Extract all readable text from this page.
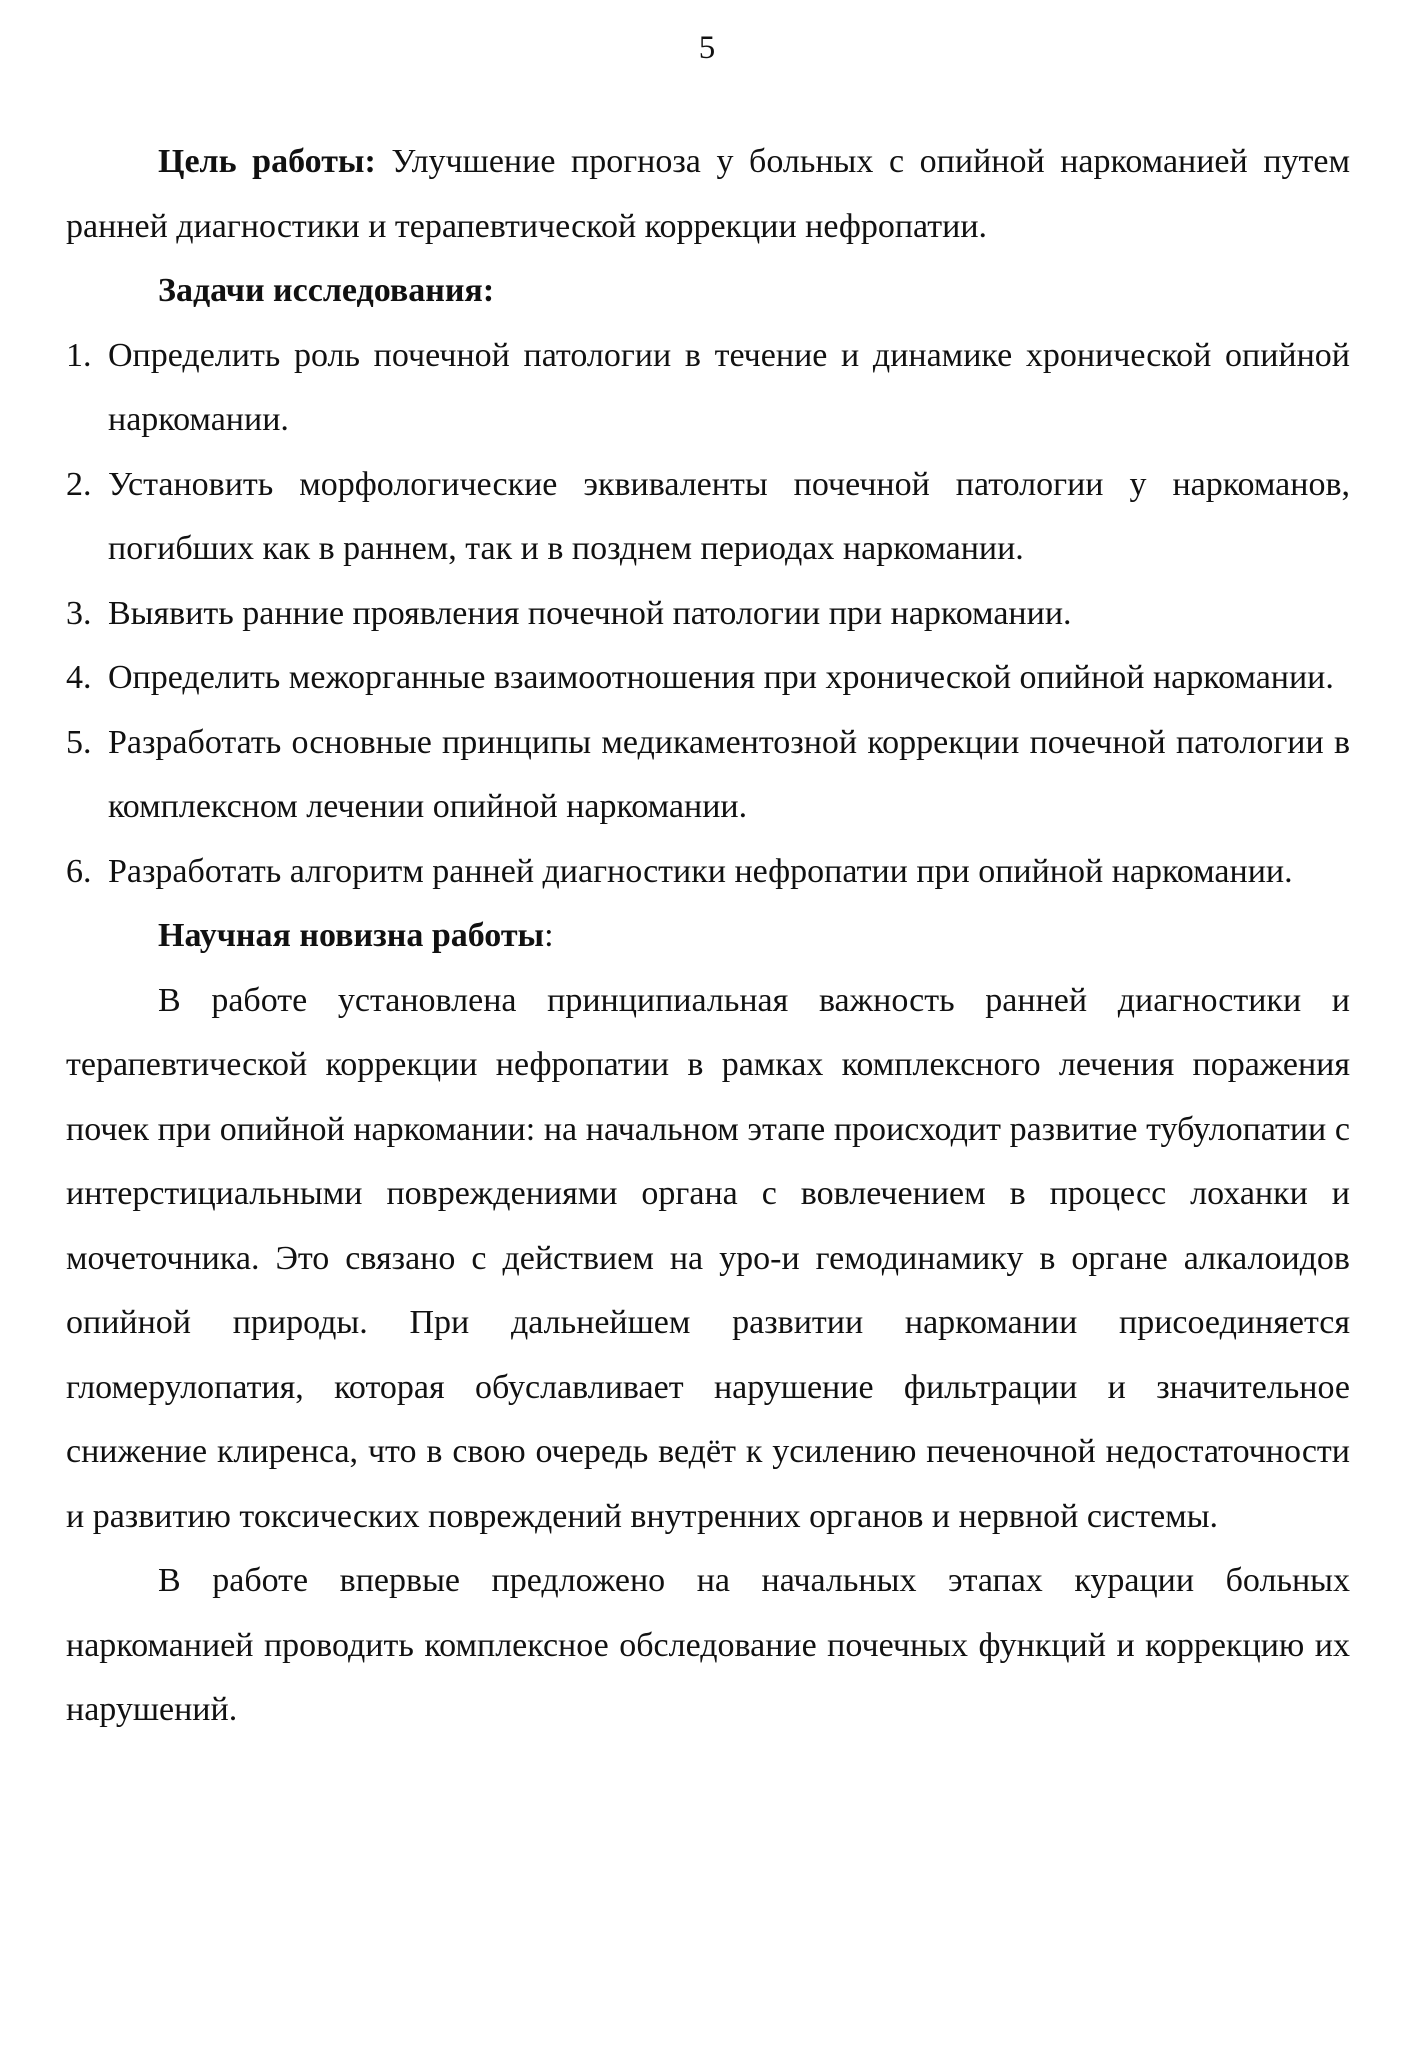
5

Цель работы: Улучшение прогноза у больных с опийной наркоманией путем ранней диагностики и терапевтической коррекции нефропатии.

Задачи исследования:

1. Определить роль почечной патологии в течение и динамике хронической опийной наркомании.
2. Установить морфологические эквиваленты почечной патологии у наркоманов, погибших как в раннем, так и в позднем периодах наркомании.
3. Выявить ранние проявления почечной патологии при наркомании.
4. Определить межорганные взаимоотношения при хронической опийной наркомании.
5. Разработать основные принципы медикаментозной коррекции почечной патологии в комплексном лечении опийной наркомании.
6. Разработать алгоритм ранней диагностики нефропатии при опийной наркомании.

Научная новизна работы:

В работе установлена принципиальная важность ранней диагностики и терапевтической коррекции нефропатии в рамках комплексного лечения поражения почек при опийной наркомании: на начальном этапе происходит развитие тубулопатии с интерстициальными повреждениями органа с вовлечением в процесс лоханки и мочеточника. Это связано с действием на уро-и гемодинамику в органе алкалоидов опийной природы. При дальнейшем развитии наркомании присоединяется гломерулопатия, которая обуславливает нарушение фильтрации и значительное снижение клиренса, что в свою очередь ведёт к усилению печеночной недостаточности и развитию токсических повреждений внутренних органов и нервной системы.

В работе впервые предложено на начальных этапах курации больных наркоманией проводить комплексное обследование почечных функций и коррекцию их нарушений.
